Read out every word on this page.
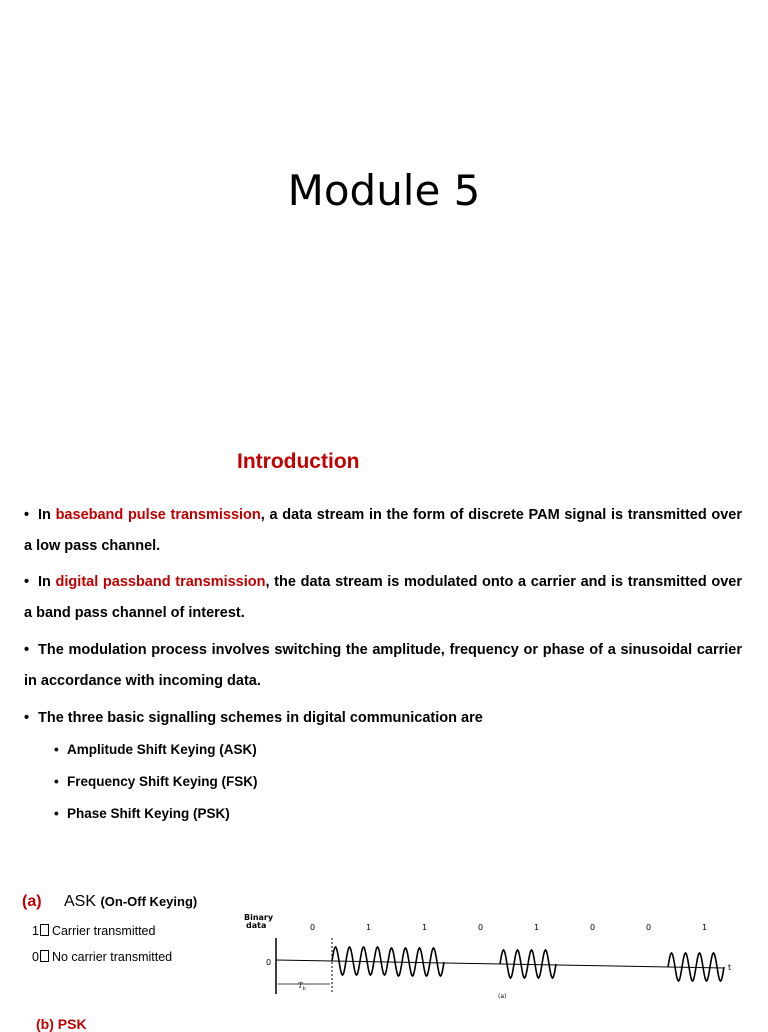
Module 5
Introduction
• In baseband pulse transmission, a data stream in the form of discrete PAM signal is transmitted over a low pass channel.
• In digital passband transmission, the data stream is modulated onto a carrier and is transmitted over a band pass channel of interest.
• The modulation process involves switching the amplitude, frequency or phase of a sinusoidal carrier in accordance with incoming data.
• The three basic signalling schemes in digital communication are
• Amplitude Shift Keying (ASK)
• Frequency Shift Keying (FSK)
• Phase Shift Keying (PSK)
(a) ASK (On-Off Keying)
1 Carrier transmitted
0 No carrier transmitted
Binary data	0	1	1	0	1	0	0	1
0
t
$T_b$
(a)
(b) PSK
